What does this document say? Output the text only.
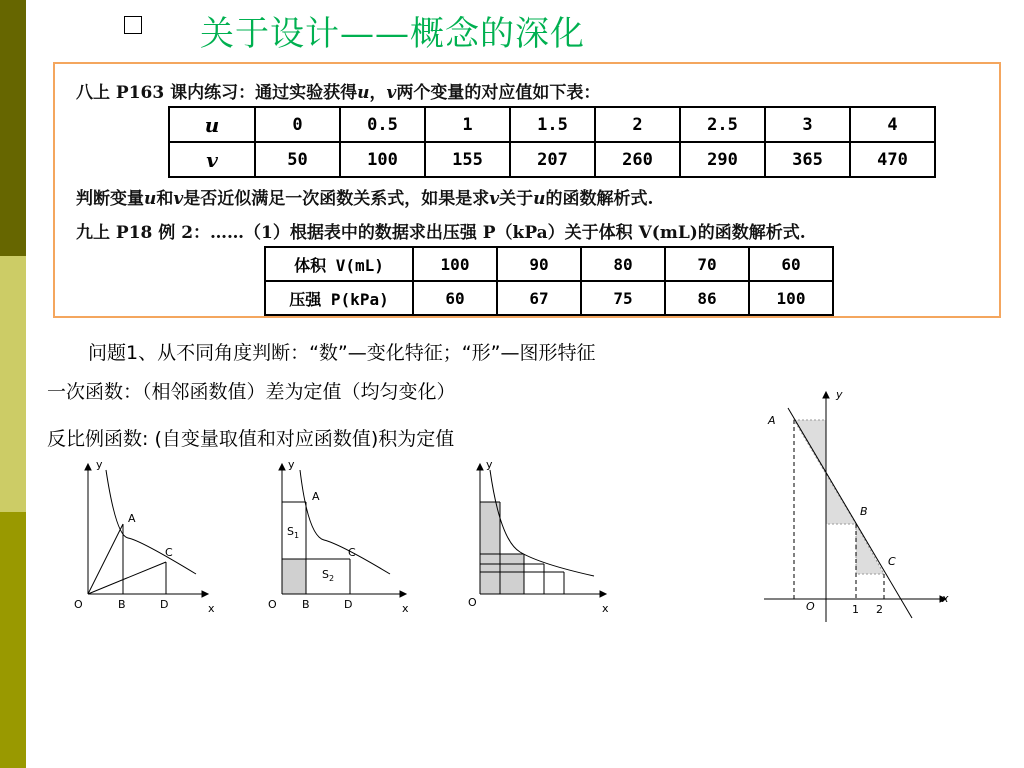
关于设计——概念的深化
八上 P163 课内练习：通过实验获得u，v两个变量的对应值如下表：
u	0	0.5	1	1.5	2	2.5	3	4
v	50	100	155	207	260	290	365	470
判断变量u和v是否近似满足一次函数关系式，如果是求v关于u的函数解析式.
九上 P18 例 2：……（1）根据表中的数据求出压强 P（kPa）关于体积 V(mL)的函数解析式.
体积 V(mL)	100	90	80	70	60
压强 P(kPa)	60	67	75	86	100
问题1、从不同角度判断：“数”—变化特征；“形”—图形特征
一次函数：（相邻函数值）差为定值（均匀变化）
反比例函数: (自变量取值和对应函数值)积为定值
y
x
O
A
B
C
D
y
x
O
A
B
C
D
$S_1$
$S_2$
y
x
O
y
x
O
A
B
C
1 2
